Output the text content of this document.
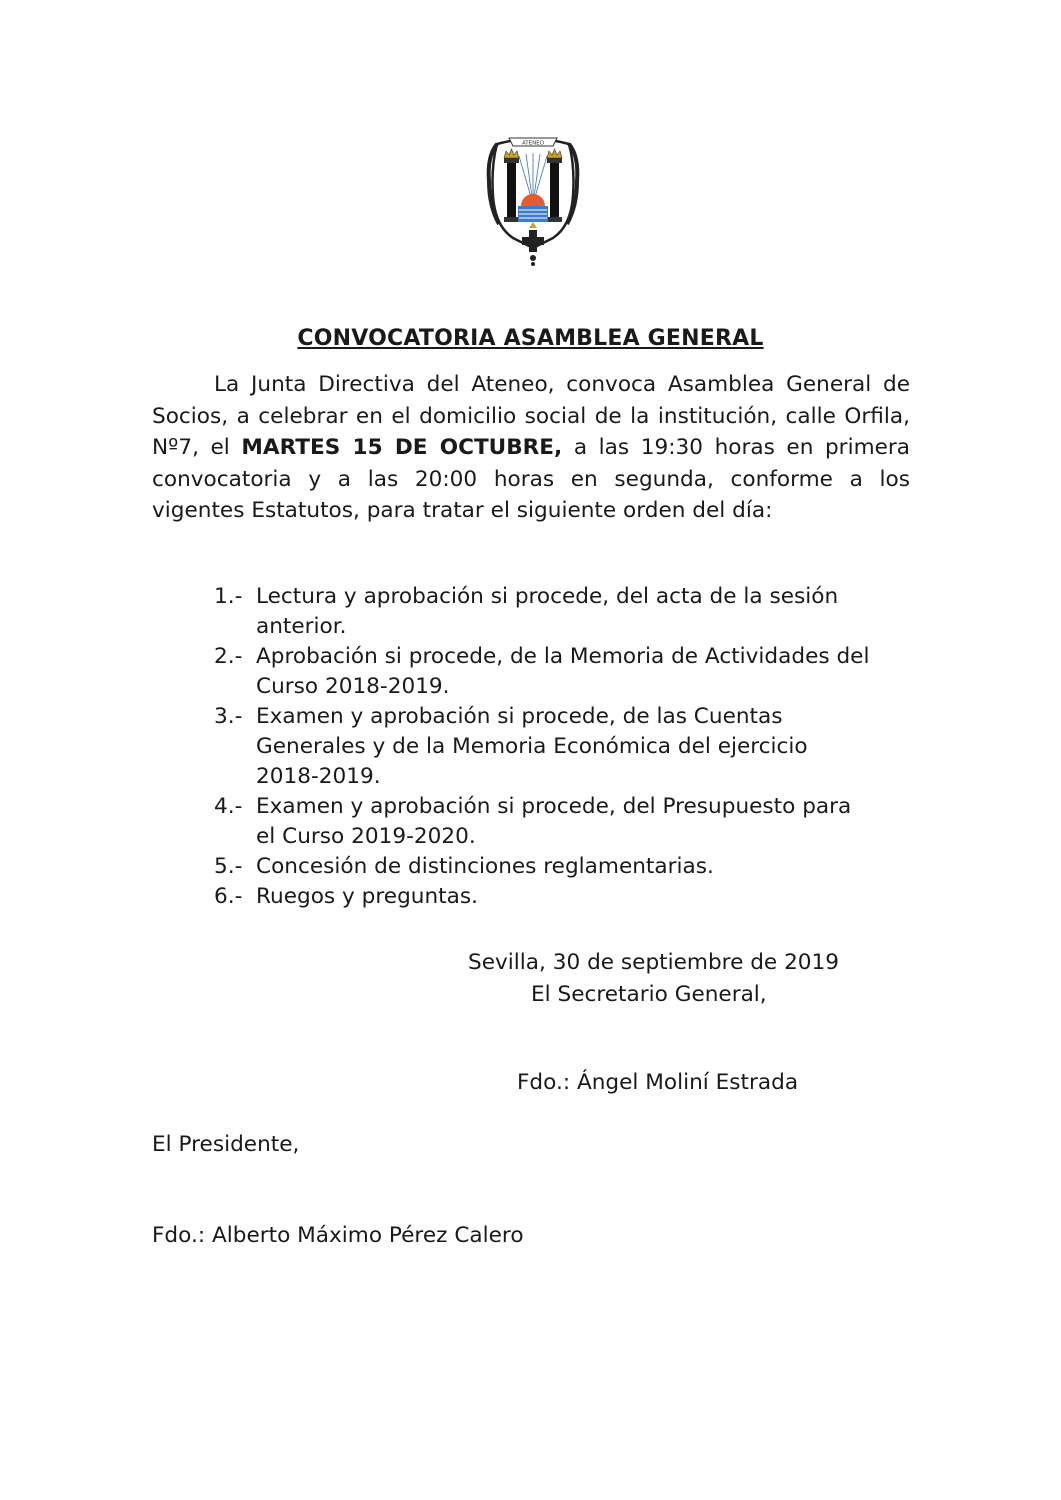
ATENEO
CONVOCATORIA ASAMBLEA GENERAL

La Junta Directiva del Ateneo, convoca Asamblea General de Socios, a celebrar en el domicilio social de la institución, calle Orfila, Nº7, el MARTES 15 DE OCTUBRE, a las 19:30 horas en primera convocatoria y a las 20:00 horas en segunda, conforme a los vigentes Estatutos, para tratar el siguiente orden del día:

1.- Lectura y aprobación si procede, del acta de la sesión
anterior.
2.- Aprobación si procede, de la Memoria de Actividades del
Curso 2018-2019.
3.- Examen y aprobación si procede, de las Cuentas
Generales y de la Memoria Económica del ejercicio
2018-2019.
4.- Examen y aprobación si procede, del Presupuesto para
el Curso 2019-2020.
5.- Concesión de distinciones reglamentarias.
6.- Ruegos y preguntas.
Sevilla, 30 de septiembre de 2019
El Secretario General,
Fdo.: Ángel Moliní Estrada
El Presidente,
Fdo.: Alberto Máximo Pérez Calero
